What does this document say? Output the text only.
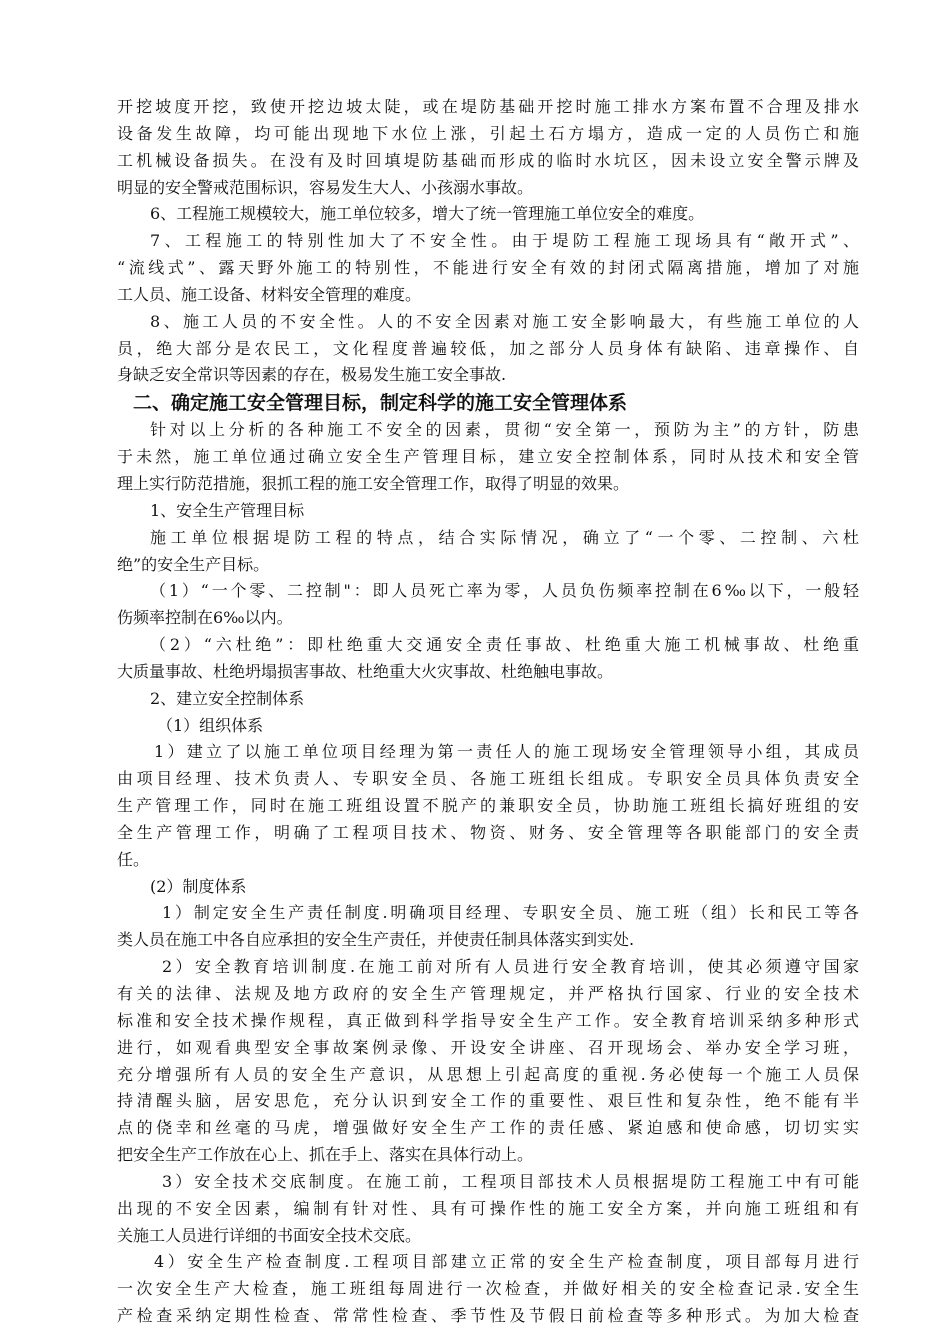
开挖坡度开挖，致使开挖边坡太陡，或在堤防基础开挖时施工排水方案布置不合理及排水
设备发生故障，均可能出现地下水位上涨，引起土石方塌方，造成一定的人员伤亡和施
工机械设备损失。在没有及时回填堤防基础而形成的临时水坑区，因未设立安全警示牌及
明显的安全警戒范围标识，容易发生大人、小孩溺水事故。
6、工程施工规模较大，施工单位较多，增大了统一管理施工单位安全的难度。
7、工程施工的特别性加大了不安全性。由于堤防工程施工现场具有“敞开式”、
“流线式”、露天野外施工的特别性，不能进行安全有效的封闭式隔离措施，增加了对施
工人员、施工设备、材料安全管理的难度。
8、施工人员的不安全性。人的不安全因素对施工安全影响最大，有些施工单位的人
员，绝大部分是农民工，文化程度普遍较低，加之部分人员身体有缺陷、违章操作、自
身缺乏安全常识等因素的存在，极易发生施工安全事故.
二、确定施工安全管理目标，制定科学的施工安全管理体系
针对以上分析的各种施工不安全的因素，贯彻“安全第一，预防为主”的方针，防患
于未然，施工单位通过确立安全生产管理目标，建立安全控制体系，同时从技术和安全管
理上实行防范措施，狠抓工程的施工安全管理工作，取得了明显的效果。
1、安全生产管理目标
施工单位根据堤防工程的特点，结合实际情况，确立了“一个零、二控制、六杜
绝”的安全生产目标。
（1）“一个零、二控制"：即人员死亡率为零，人员负伤频率控制在6‰以下，一般轻
伤频率控制在6‰以内。
（2）“六杜绝”：即杜绝重大交通安全责任事故、杜绝重大施工机械事故、杜绝重
大质量事故、杜绝坍塌损害事故、杜绝重大火灾事故、杜绝触电事故。
2、建立安全控制体系
（1）组织体系
1）建立了以施工单位项目经理为第一责任人的施工现场安全管理领导小组，其成员
由项目经理、技术负责人、专职安全员、各施工班组长组成。专职安全员具体负责安全
生产管理工作，同时在施工班组设置不脱产的兼职安全员，协助施工班组长搞好班组的安
全生产管理工作，明确了工程项目技术、物资、财务、安全管理等各职能部门的安全责
任。
(2）制度体系
1）制定安全生产责任制度.明确项目经理、专职安全员、施工班（组）长和民工等各
类人员在施工中各自应承担的安全生产责任，并使责任制具体落实到实处.
2）安全教育培训制度.在施工前对所有人员进行安全教育培训，使其必须遵守国家
有关的法律、法规及地方政府的安全生产管理规定，并严格执行国家、行业的安全技术
标准和安全技术操作规程，真正做到科学指导安全生产工作。安全教育培训采纳多种形式
进行，如观看典型安全事故案例录像、开设安全讲座、召开现场会、举办安全学习班，
充分增强所有人员的安全生产意识，从思想上引起高度的重视.务必使每一个施工人员保
持清醒头脑，居安思危，充分认识到安全工作的重要性、艰巨性和复杂性，绝不能有半
点的侥幸和丝毫的马虎，增强做好安全生产工作的责任感、紧迫感和使命感，切切实实
把安全生产工作放在心上、抓在手上、落实在具体行动上。
3）安全技术交底制度。在施工前，工程项目部技术人员根据堤防工程施工中有可能
出现的不安全因素，编制有针对性、具有可操作性的施工安全方案，并向施工班组和有
关施工人员进行详细的书面安全技术交底。
4）安全生产检查制度.工程项目部建立正常的安全生产检查制度，项目部每月进行
一次安全生产大检查，施工班组每周进行一次检查，并做好相关的安全检查记录.安全生
产检查采纳定期性检查、常常性检查、季节性及节假日前检查等多种形式。为加大检查
